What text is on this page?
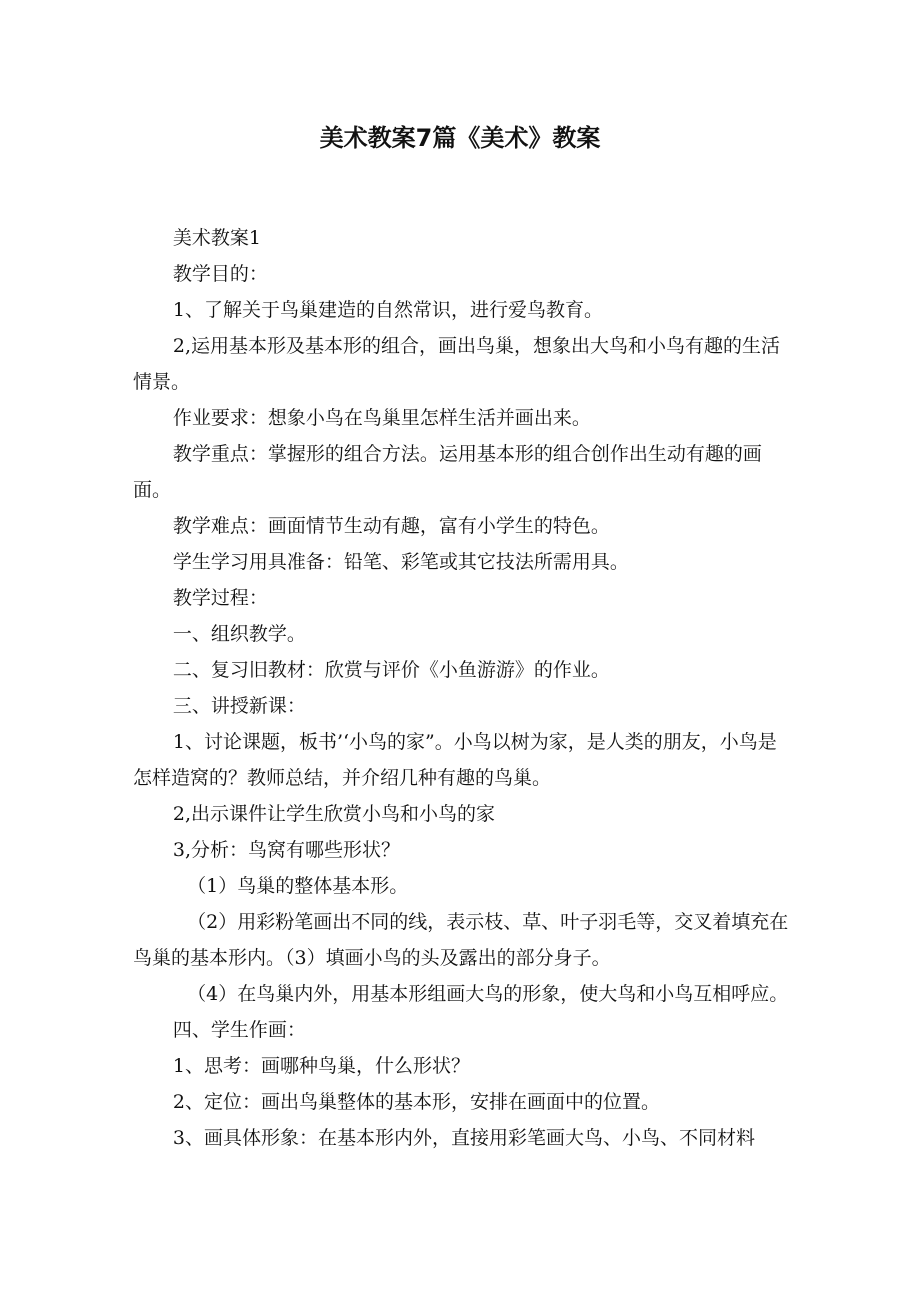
美术教案7篇《美术》教案

美术教案1

教学目的：

1、了解关于鸟巢建造的自然常识，进行爱鸟教育。

2,运用基本形及基本形的组合，画出鸟巢，想象出大鸟和小鸟有趣的生活情景。

作业要求：想象小鸟在鸟巢里怎样生活并画出来。

教学重点：掌握形的组合方法。运用基本形的组合创作出生动有趣的画面。

教学难点：画面情节生动有趣，富有小学生的特色。

学生学习用具准备：铅笔、彩笔或其它技法所需用具。

教学过程：

一、组织教学。

二、复习旧教材：欣赏与评价《小鱼游游》的作业。

三、讲授新课：

1、讨论课题，板书’‘小鸟的家”。小鸟以树为家，是人类的朋友，小鸟是怎样造窝的？教师总结，并介绍几种有趣的鸟巢。

2,出示课件让学生欣赏小鸟和小鸟的家

3,分析：鸟窝有哪些形状？

（1）鸟巢的整体基本形。

（2）用彩粉笔画出不同的线，表示枝、草、叶子羽毛等，交叉着填充在鸟巢的基本形内。（3）填画小鸟的头及露出的部分身子。

（4）在鸟巢内外，用基本形组画大鸟的形象，使大鸟和小鸟互相呼应。

四、学生作画：

1、思考：画哪种鸟巢，什么形状？

2、定位：画出鸟巢整体的基本形，安排在画面中的位置。

3、画具体形象：在基本形内外，直接用彩笔画大鸟、小鸟、不同材料
